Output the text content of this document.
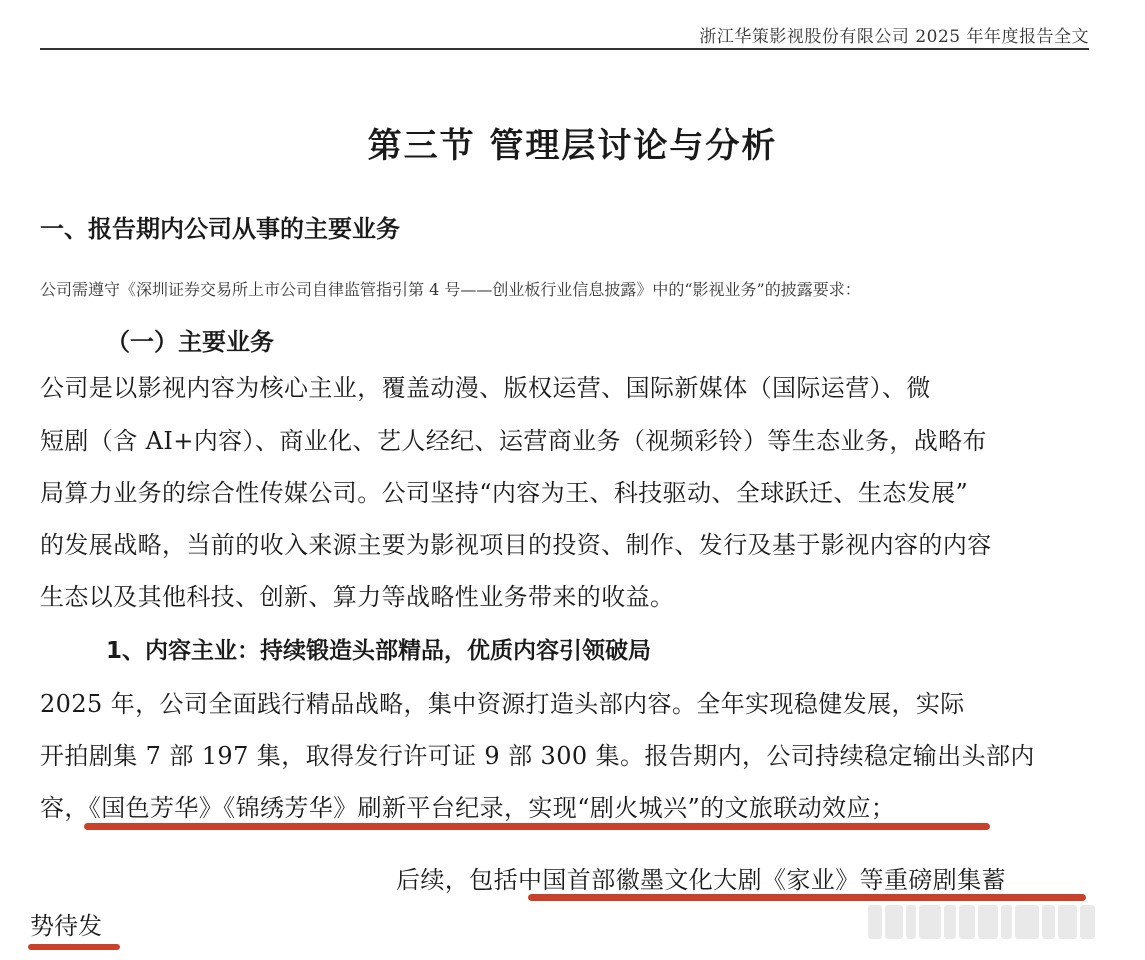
浙江华策影视股份有限公司 2025 年年度报告全文
第三节 管理层讨论与分析
一、报告期内公司从事的主要业务
公司需遵守《深圳证券交易所上市公司自律监管指引第 4 号——创业板行业信息披露》中的“影视业务”的披露要求：
（一）主要业务
公司是以影视内容为核心主业，覆盖动漫、版权运营、国际新媒体（国际运营）、微
短剧（含 AI+内容）、商业化、艺人经纪、运营商业务（视频彩铃）等生态业务，战略布
局算力业务的综合性传媒公司。公司坚持“内容为王、科技驱动、全球跃迁、生态发展”
的发展战略，当前的收入来源主要为影视项目的投资、制作、发行及基于影视内容的内容
生态以及其他科技、创新、算力等战略性业务带来的收益。
1、内容主业：持续锻造头部精品，优质内容引领破局
2025 年，公司全面践行精品战略，集中资源打造头部内容。全年实现稳健发展，实际
开拍剧集 7 部 197 集，取得发行许可证 9 部 300 集。报告期内，公司持续稳定输出头部内
容，《国色芳华》《锦绣芳华》刷新平台纪录，实现“剧火城兴”的文旅联动效应；
后续，包括中国首部徽墨文化大剧《家业》等重磅剧集蓄
势待发
